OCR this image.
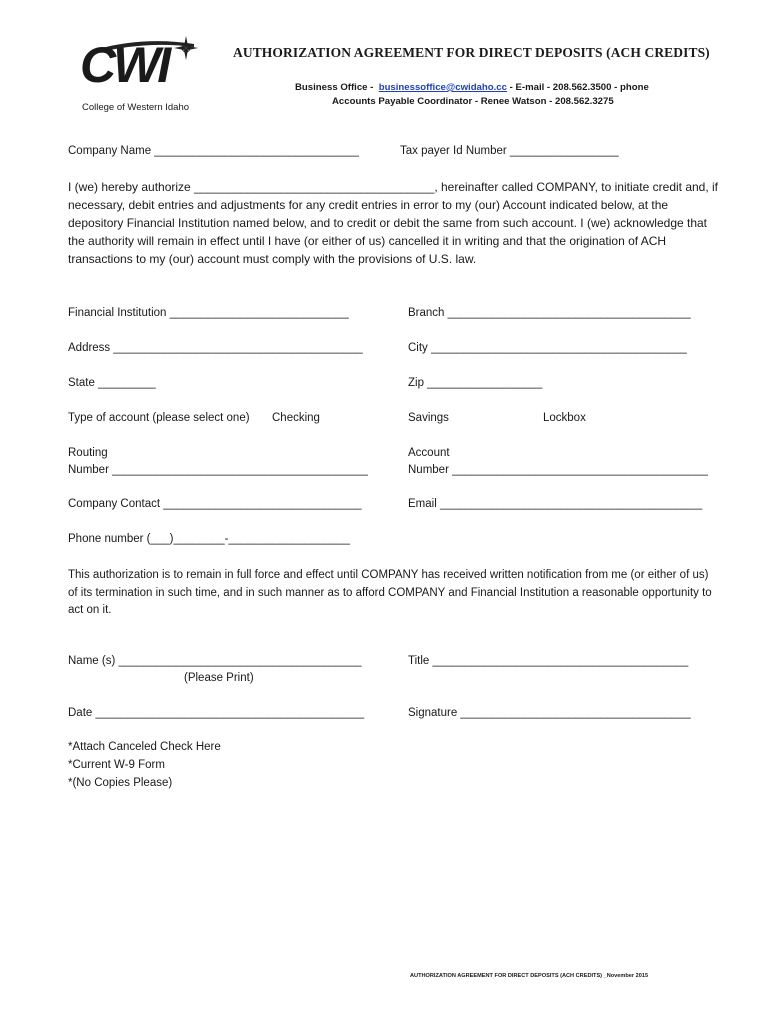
CWI
College of Western Idaho
AUTHORIZATION AGREEMENT FOR DIRECT DEPOSITS (ACH CREDITS)
Business Office -  businessoffice@cwidaho.cc - E-mail - 208.562.3500 - phone
Accounts Payable Coordinator - Renee Watson - 208.562.3275
Company Name ________________________________	Tax payer Id Number _________________
I (we) hereby authorize ____________________________________, hereinafter called COMPANY, to initiate credit and, if necessary, debit entries and adjustments for any credit entries in error to my (our) Account indicated below, at the depository Financial Institution named below, and to credit or debit the same from such account. I (we) acknowledge that the authority will remain in effect until I have (or either of us) cancelled it in writing and that the origination of ACH transactions to my (our) account must comply with the provisions of U.S. law.
Financial Institution ____________________________	Branch ______________________________________
Address _______________________________________	City ________________________________________
State _________	Zip __________________
Type of account (please select one) Checking	Savings	Lockbox
Routing
Number ________________________________________
Account
Number ________________________________________
Company Contact _______________________________	Email _________________________________________
Phone number (___)________-___________________
This authorization is to remain in full force and effect until COMPANY has received written notification from me (or either of us) of its termination in such time, and in such manner as to afford COMPANY and Financial Institution a reasonable opportunity to act on it.
Name (s) ______________________________________
(Please Print)
Title ________________________________________
Date __________________________________________	Signature ____________________________________
*Attach Canceled Check Here
*Current W-9 Form
*(No Copies Please)
AUTHORIZATION AGREEMENT FOR DIRECT DEPOSITS (ACH CREDITS) _November 2015
